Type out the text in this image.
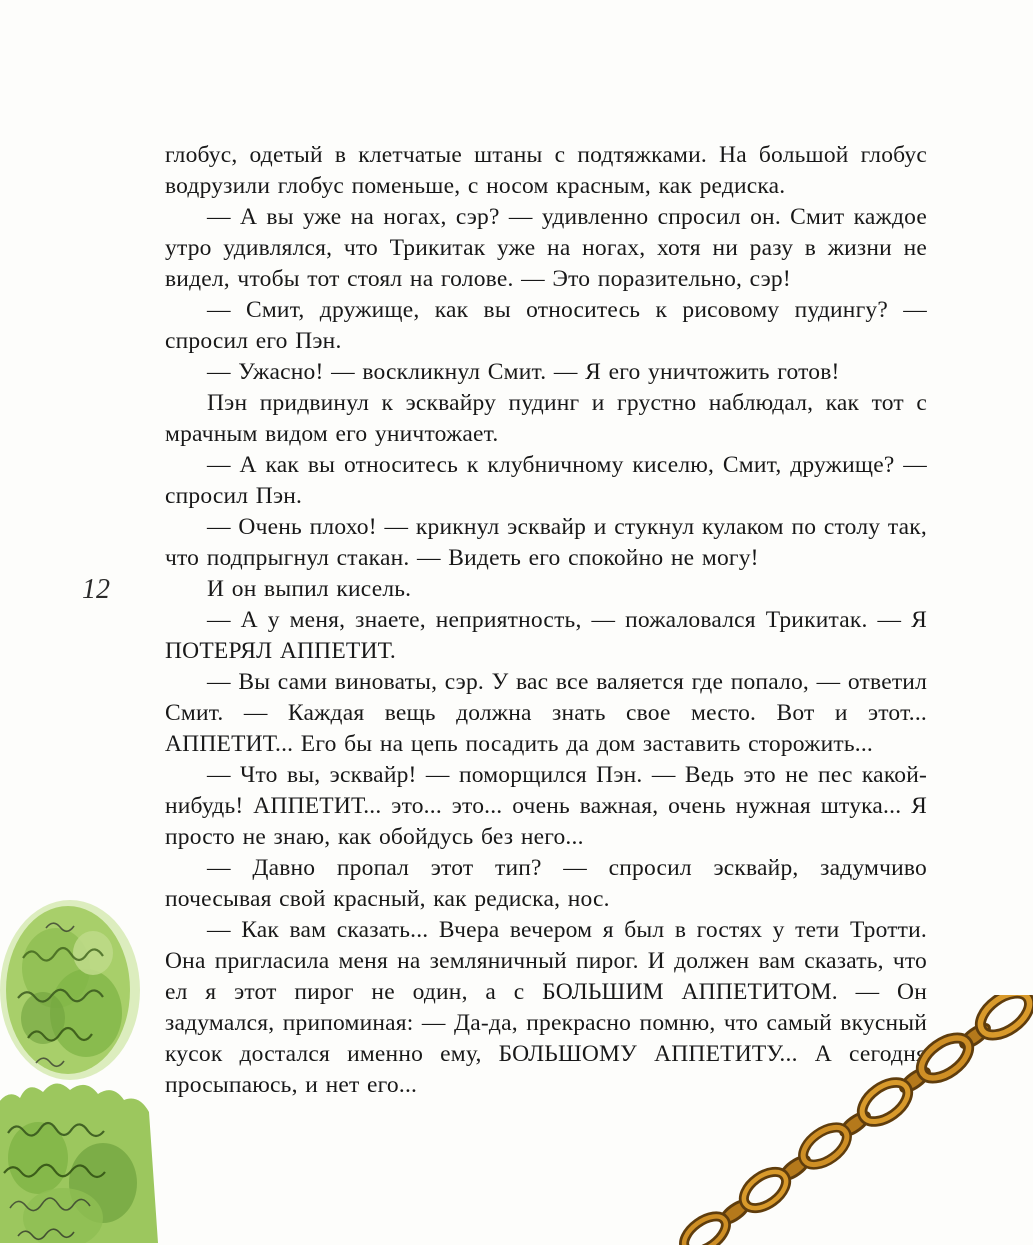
12

глобус, одетый в клетчатые штаны с подтяжками. На большой глобус водрузили глобус поменьше, с носом красным, как редиска.

— А вы уже на ногах, сэр? — удивленно спросил он. Смит каждое утро удивлялся, что Трикитак уже на ногах, хотя ни разу в жизни не видел, чтобы тот стоял на голове. — Это поразительно, сэр!

— Смит, дружище, как вы относитесь к рисовому пудингу? — спросил его Пэн.

— Ужасно! — воскликнул Смит. — Я его уничтожить готов!

Пэн придвинул к эсквайру пудинг и грустно наблюдал, как тот с мрачным видом его уничтожает.

— А как вы относитесь к клубничному киселю, Смит, дружище? — спросил Пэн.

— Очень плохо! — крикнул эсквайр и стукнул кулаком по столу так, что подпрыгнул стакан. — Видеть его спокойно не могу!

И он выпил кисель.

— А у меня, знаете, неприятность, — пожаловался Трикитак. — Я ПОТЕРЯЛ АППЕТИТ.

— Вы сами виноваты, сэр. У вас все валяется где попало, — ответил Смит. — Каждая вещь должна знать свое место. Вот и этот... АППЕТИТ... Его бы на цепь посадить да дом заставить сторожить...

— Что вы, эсквайр! — поморщился Пэн. — Ведь это не пес какой-нибудь! АППЕТИТ... это... это... очень важная, очень нужная штука... Я просто не знаю, как обойдусь без него...

— Давно пропал этот тип? — спросил эсквайр, задумчиво почесывая свой красный, как редиска, нос.

— Как вам сказать... Вчера вечером я был в гостях у тети Тротти. Она пригласила меня на земляничный пирог. И должен вам сказать, что ел я этот пирог не один, а с БОЛЬШИМ АППЕТИТОМ. — Он задумался, припоминая: — Да-да, прекрасно помню, что самый вкусный кусок достался именно ему, БОЛЬШОМУ АППЕТИТУ... А сегодня просыпаюсь, и нет его...
